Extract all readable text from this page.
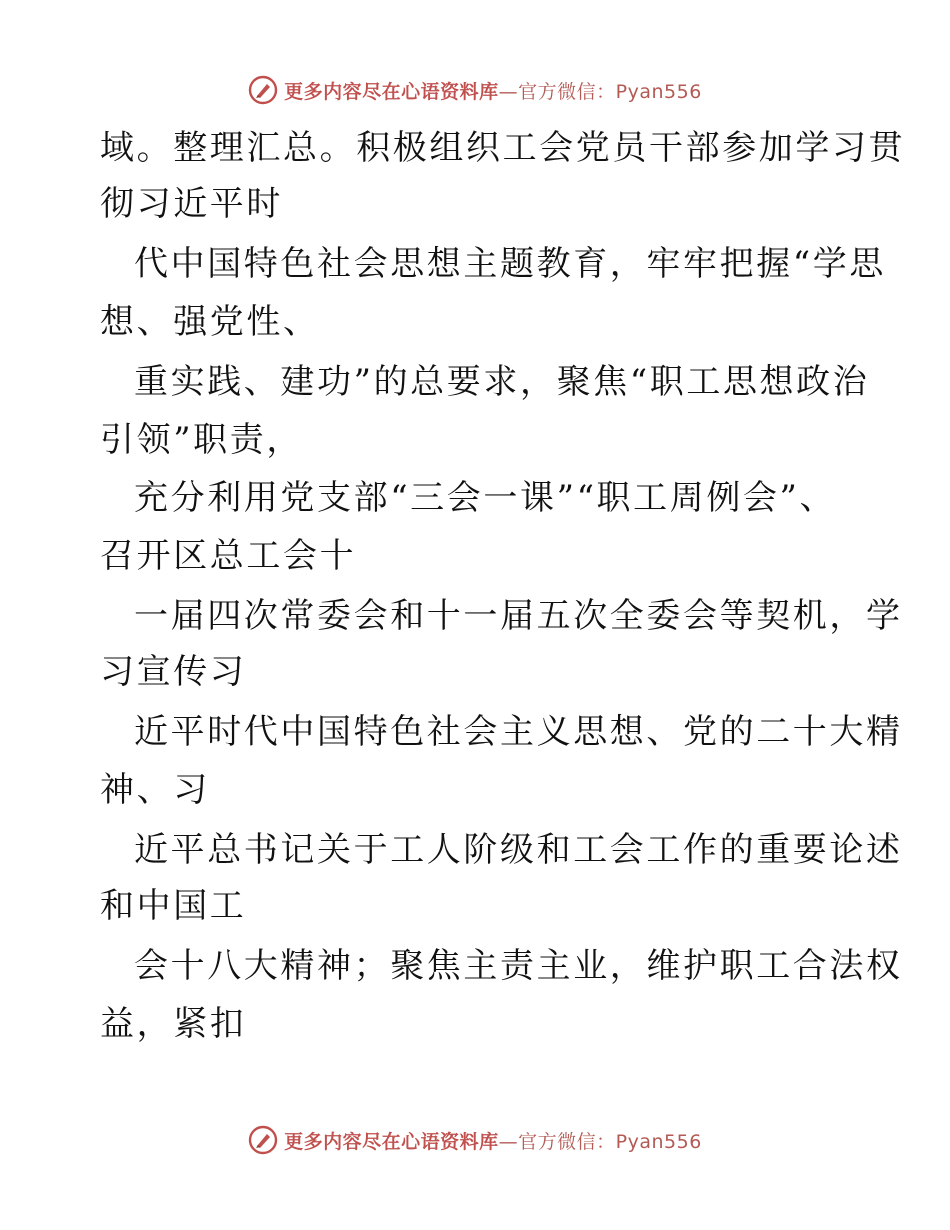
更多内容尽在心语资料库—官方微信：Pyan556
域。整理汇总。积极组织工会党员干部参加学习贯
彻习近平时
代中国特色社会思想主题教育，牢牢把握“学思
想、强党性、
重实践、建功”的总要求，聚焦“职工思想政治
引领”职责，
充分利用党支部“三会一课”“职工周例会”、
召开区总工会十
一届四次常委会和十一届五次全委会等契机，学
习宣传习
近平时代中国特色社会主义思想、党的二十大精
神、习
近平总书记关于工人阶级和工会工作的重要论述
和中国工
会十八大精神；聚焦主责主业，维护职工合法权
益，紧扣
更多内容尽在心语资料库—官方微信：Pyan556
